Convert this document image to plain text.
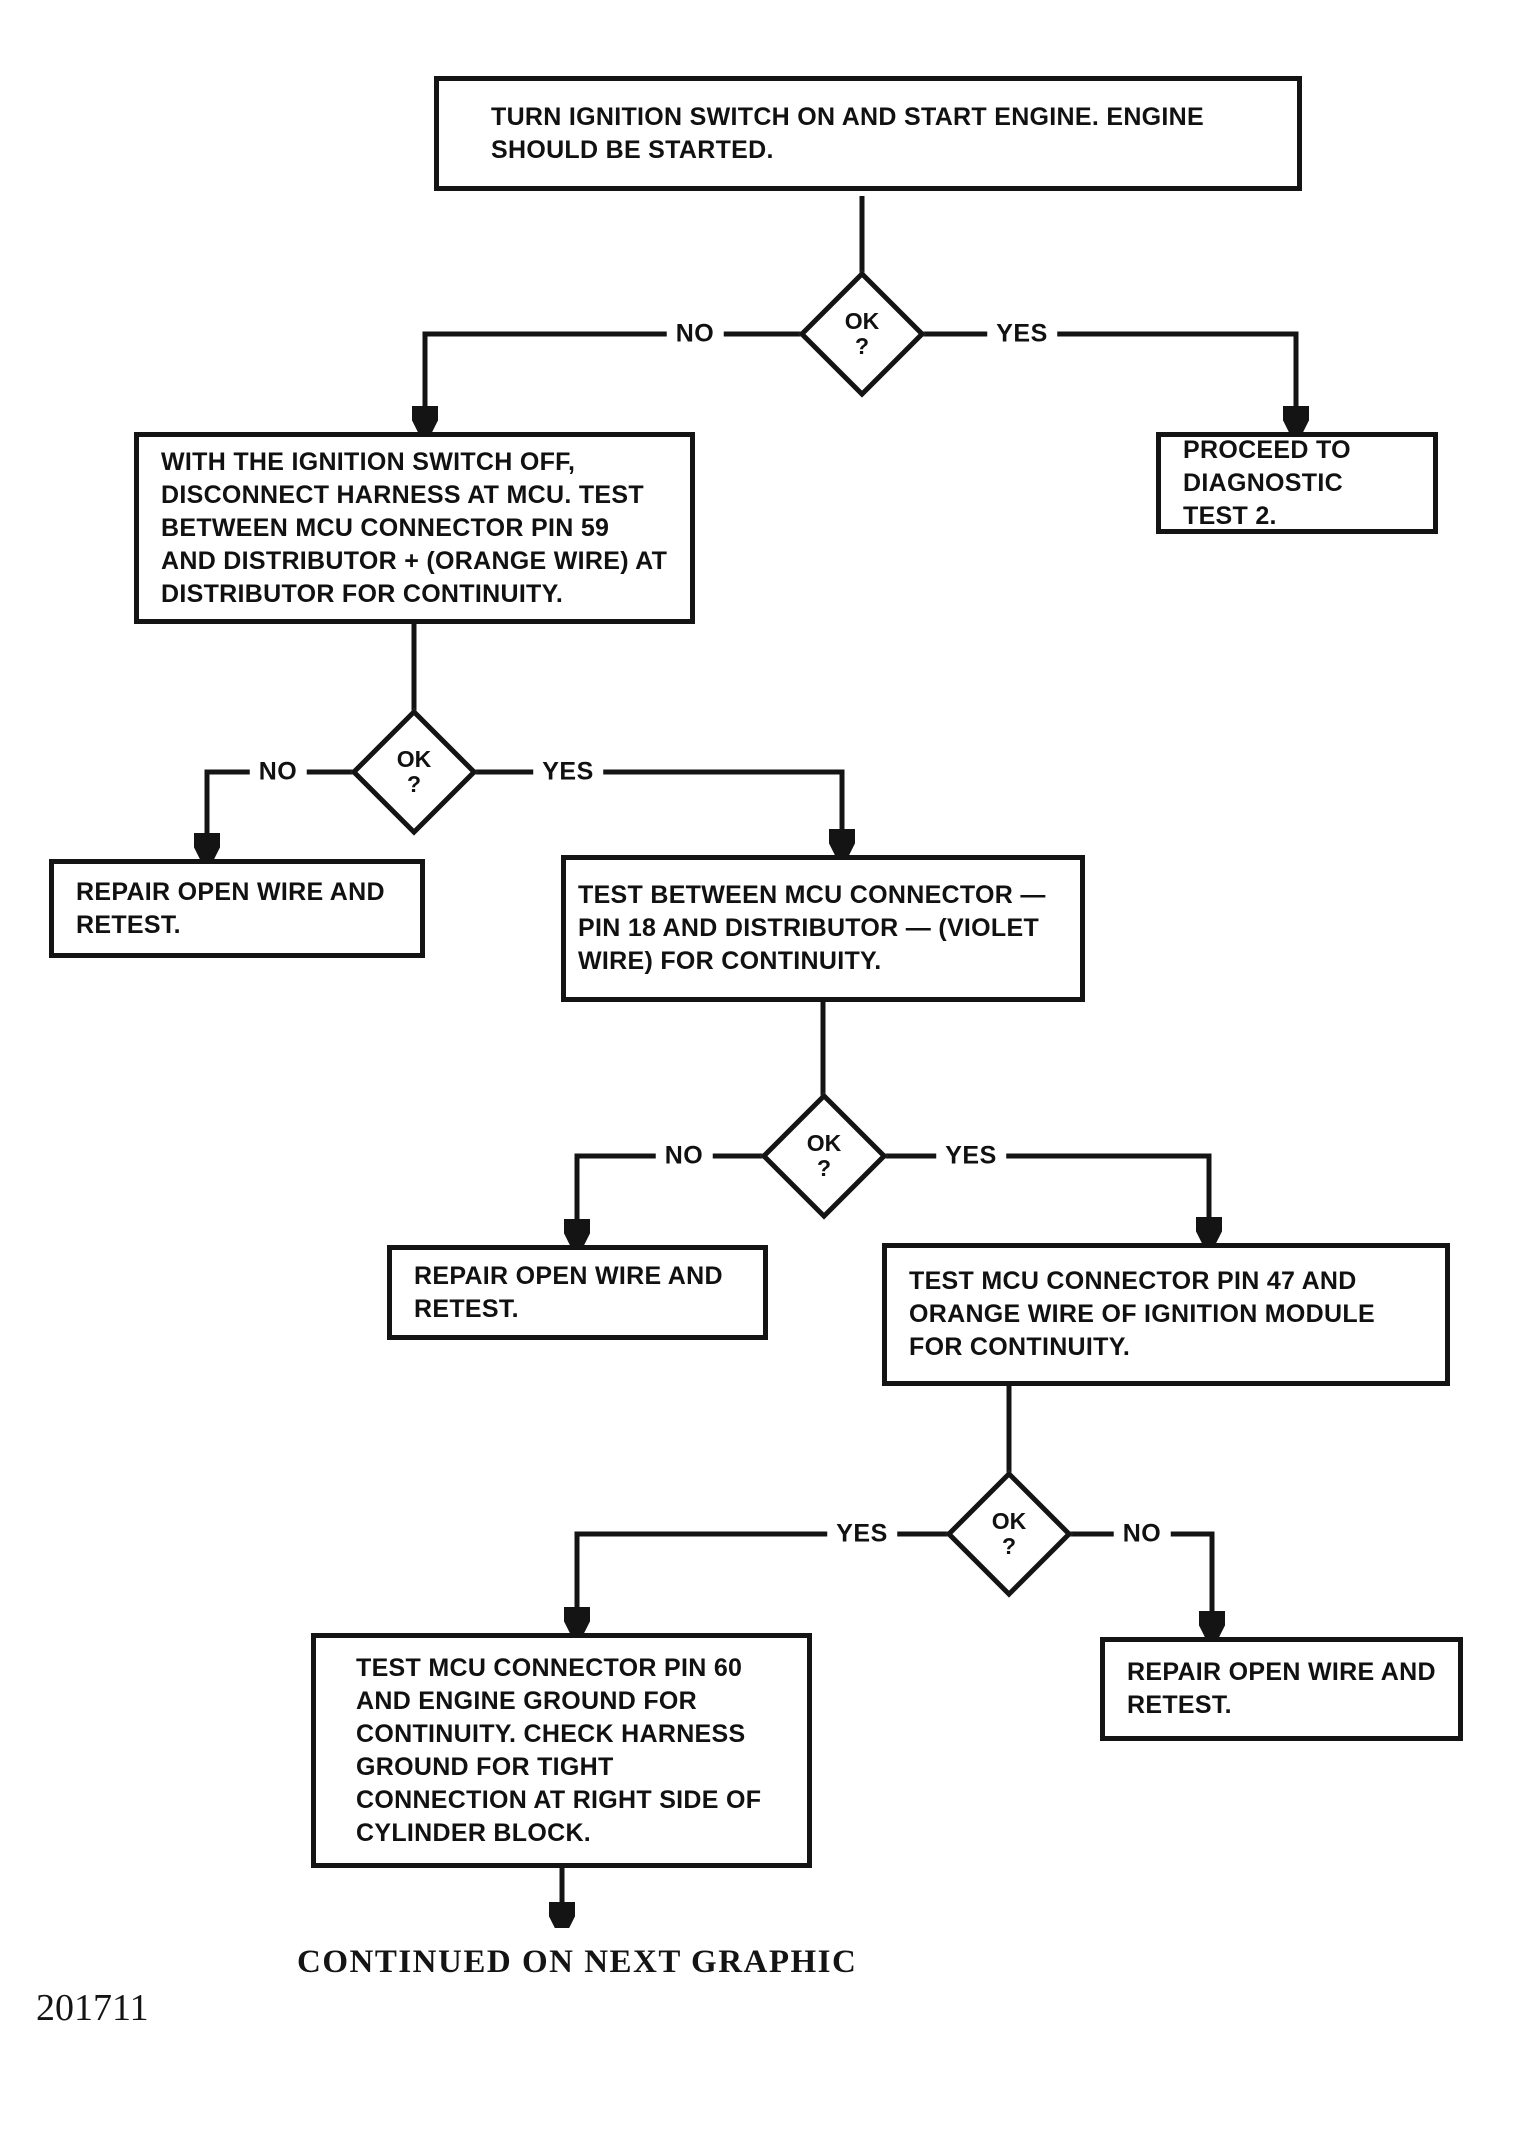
TURN IGNITION SWITCH ON AND START ENGINE. ENGINE SHOULD BE STARTED.
PROCEED TO DIAGNOSTIC TEST 2.
WITH THE IGNITION SWITCH OFF, DISCONNECT HARNESS AT MCU. TEST BETWEEN MCU CONNECTOR PIN 59 AND DISTRIBUTOR + (ORANGE WIRE) AT DISTRIBUTOR FOR CONTINUITY.
REPAIR OPEN WIRE AND RETEST.
TEST BETWEEN MCU CONNECTOR — PIN 18 AND DISTRIBUTOR — (VIOLET WIRE) FOR CONTINUITY.
REPAIR OPEN WIRE AND RETEST.
TEST MCU CONNECTOR PIN 47 AND ORANGE WIRE OF IGNITION MODULE FOR CONTINUITY.
TEST MCU CONNECTOR PIN 60 AND ENGINE GROUND FOR CONTINUITY. CHECK HARNESS GROUND FOR TIGHT CONNECTION AT RIGHT SIDE OF CYLINDER BLOCK.
REPAIR OPEN WIRE AND RETEST.
OK
?
OK
?
OK
?
OK
?
NO	YES
NO	YES
NO	YES
YES	NO
CONTINUED ON NEXT GRAPHIC
201711
